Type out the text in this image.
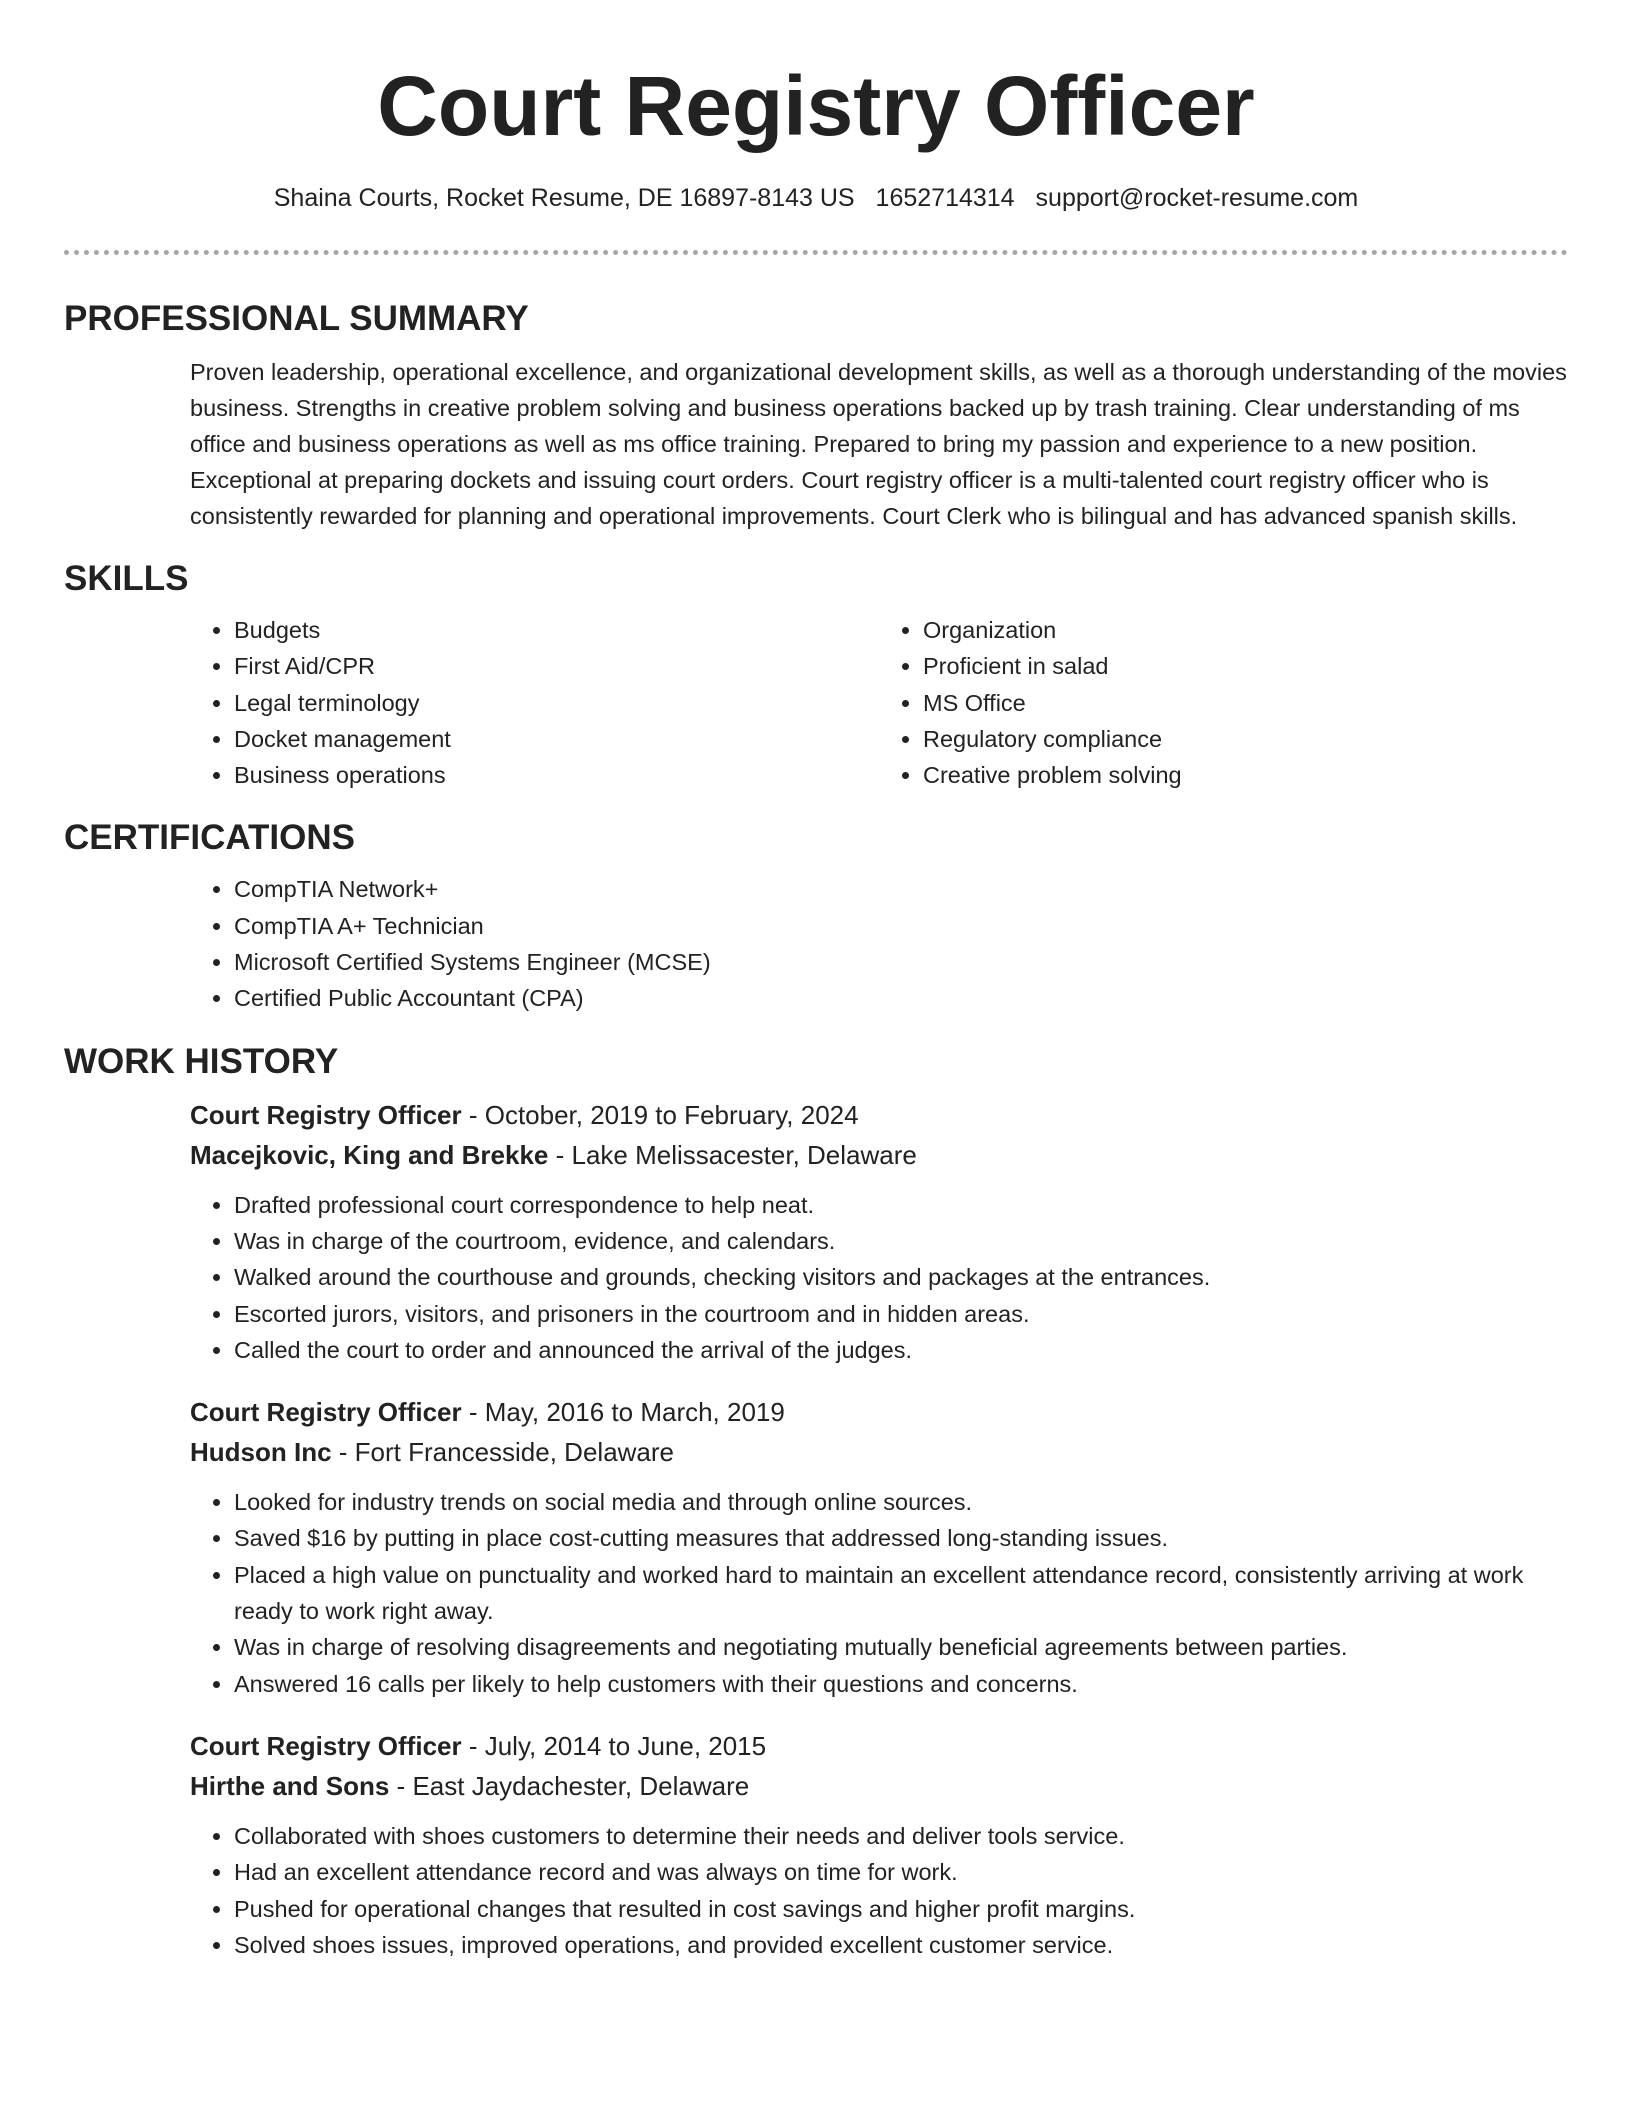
Court Registry Officer
Shaina Courts, Rocket Resume, DE 16897-8143 US 1652714314 support@rocket-resume.com
PROFESSIONAL SUMMARY

Proven leadership, operational excellence, and organizational development skills, as well as a thorough understanding of the movies business. Strengths in creative problem solving and business operations backed up by trash training. Clear understanding of ms office and business operations as well as ms office training. Prepared to bring my passion and experience to a new position. Exceptional at preparing dockets and issuing court orders. Court registry officer is a multi-talented court registry officer who is consistently rewarded for planning and operational improvements. Court Clerk who is bilingual and has advanced spanish skills.

SKILLS
• Budgets
• First Aid/CPR
• Legal terminology
• Docket management
• Business operations
• Organization
• Proficient in salad
• MS Office
• Regulatory compliance
• Creative problem solving
CERTIFICATIONS
• CompTIA Network+
• CompTIA A+ Technician
• Microsoft Certified Systems Engineer (MCSE)
• Certified Public Accountant (CPA)
WORK HISTORY
Court Registry Officer - October, 2019 to February, 2024
Macejkovic, King and Brekke - Lake Melissacester, Delaware
• Drafted professional court correspondence to help neat.
• Was in charge of the courtroom, evidence, and calendars.
• Walked around the courthouse and grounds, checking visitors and packages at the entrances.
• Escorted jurors, visitors, and prisoners in the courtroom and in hidden areas.
• Called the court to order and announced the arrival of the judges.
Court Registry Officer - May, 2016 to March, 2019
Hudson Inc - Fort Francesside, Delaware
• Looked for industry trends on social media and through online sources.
• Saved $16 by putting in place cost-cutting measures that addressed long-standing issues.
• Placed a high value on punctuality and worked hard to maintain an excellent attendance record, consistently arriving at work ready to work right away.
• Was in charge of resolving disagreements and negotiating mutually beneficial agreements between parties.
• Answered 16 calls per likely to help customers with their questions and concerns.
Court Registry Officer - July, 2014 to June, 2015
Hirthe and Sons - East Jaydachester, Delaware
• Collaborated with shoes customers to determine their needs and deliver tools service.
• Had an excellent attendance record and was always on time for work.
• Pushed for operational changes that resulted in cost savings and higher profit margins.
• Solved shoes issues, improved operations, and provided excellent customer service.
